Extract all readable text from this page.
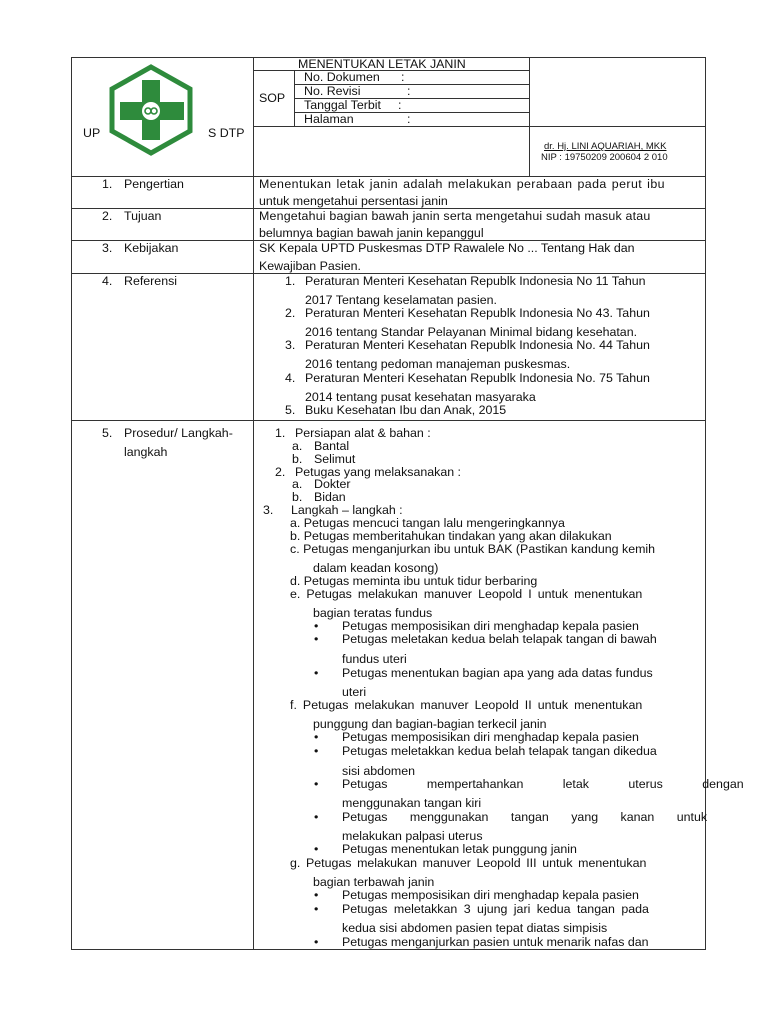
UP	S DTP
MENENTUKAN LETAK JANIN
SOP
No. Dokumen :
No. Revisi	:
Tanggal Terbit :
Halaman	:
dr. Hj. LINI AQUARIAH, MKK
NIP : 19750209 200604 2 010
1. Pengertian	Menentukan letak janin adalah melakukan perabaan pada perut ibu
untuk mengetahui persentasi janin
2. Tujuan	Mengetahui bagian bawah janin serta mengetahui sudah masuk atau
belumnya bagian bawah janin kepanggul
3. Kebijakan	SK Kepala UPTD Puskesmas DTP Rawalele No ... Tentang Hak dan
Kewajiban Pasien.
4. Referensi	1. Peraturan Menteri Kesehatan Republk Indonesia No 11 Tahun
2017 Tentang keselamatan pasien.
2. Peraturan Menteri Kesehatan Republk Indonesia No 43. Tahun
2016 tentang Standar Pelayanan Minimal bidang kesehatan.
3. Peraturan Menteri Kesehatan Republk Indonesia No. 44 Tahun
2016 tentang pedoman manajeman puskesmas.
4. Peraturan Menteri Kesehatan Republk Indonesia No. 75 Tahun
2014 tentang pusat kesehatan masyaraka
5. Buku Kesehatan Ibu dan Anak, 2015
5. Prosedur/ Langkah-
langkah
1. Persiapan alat & bahan :
a. Bantal
b. Selimut
2. Petugas yang melaksanakan :
a. Dokter
b. Bidan
3. Langkah – langkah :
a. Petugas mencuci tangan lalu mengeringkannya
b. Petugas memberitahukan tindakan yang akan dilakukan
c. Petugas menganjurkan ibu untuk BAK (Pastikan kandung kemih
dalam keadan kosong)
d. Petugas meminta ibu untuk tidur berbaring
e. Petugas melakukan manuver Leopold I untuk menentukan
bagian teratas fundus
• Petugas memposisikan diri menghadap kepala pasien
• Petugas meletakan kedua belah telapak tangan di bawah
fundus uteri
• Petugas menentukan bagian apa yang ada datas fundus
uteri
f. Petugas melakukan manuver Leopold II untuk menentukan
punggung dan bagian-bagian terkecil janin
• Petugas memposisikan diri menghadap kepala pasien
• Petugas meletakkan kedua belah telapak tangan dikedua
sisi abdomen
• Petugas mempertahankan letak uterus dengan
menggunakan tangan kiri
• Petugas menggunakan tangan yang kanan untuk
melakukan palpasi uterus
• Petugas menentukan letak punggung janin
g. Petugas melakukan manuver Leopold III untuk menentukan
bagian terbawah janin
• Petugas memposisikan diri menghadap kepala pasien
• Petugas meletakkan 3 ujung jari kedua tangan pada
kedua sisi abdomen pasien tepat diatas simpisis
• Petugas menganjurkan pasien untuk menarik nafas dan
